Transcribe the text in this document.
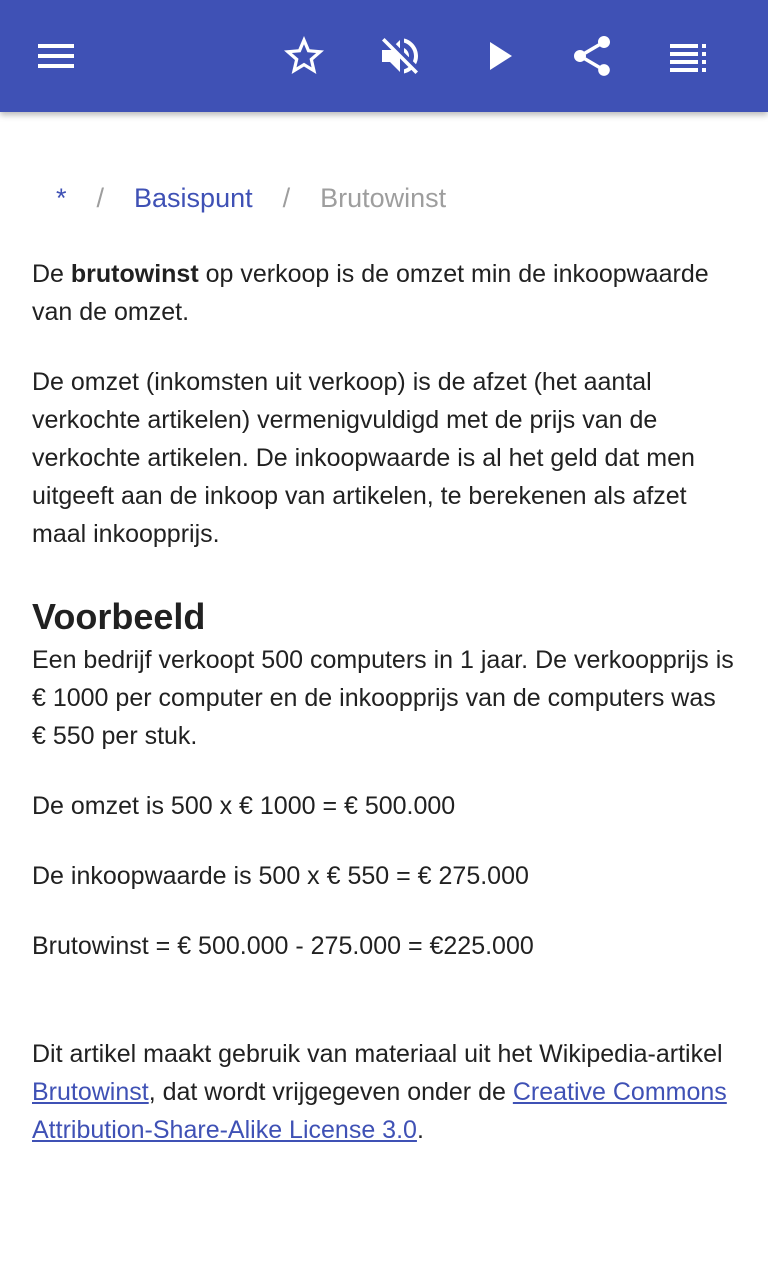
* / Basispunt / Brutowinst

De brutowinst op verkoop is de omzet min de inkoopwaarde van de omzet.

De omzet (inkomsten uit verkoop) is de afzet (het aantal verkochte artikelen) vermenigvuldigd met de prijs van de verkochte artikelen. De inkoopwaarde is al het geld dat men uitgeeft aan de inkoop van artikelen, te berekenen als afzet maal inkoopprijs.

Voorbeeld

Een bedrijf verkoopt 500 computers in 1 jaar. De verkoopprijs is € 1000 per computer en de inkoopprijs van de computers was € 550 per stuk.

De omzet is 500 x € 1000 = € 500.000

De inkoopwaarde is 500 x € 550 = € 275.000

Brutowinst = € 500.000 - 275.000 = €225.000

Dit artikel maakt gebruik van materiaal uit het Wikipedia-artikel Brutowinst, dat wordt vrijgegeven onder de Creative Commons Attribution-Share-Alike License 3.0.
